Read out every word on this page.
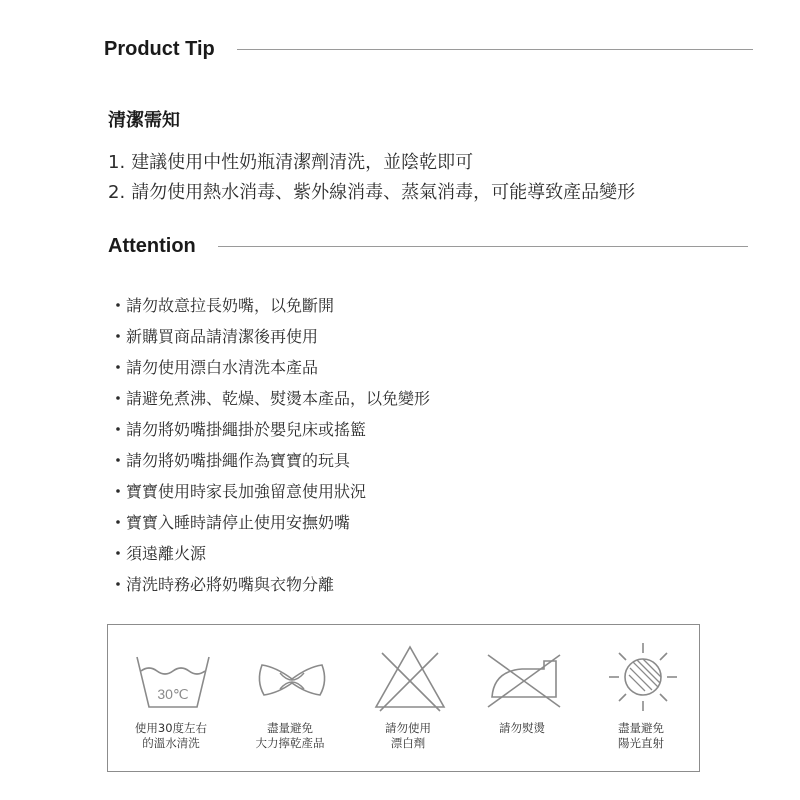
Product Tip
清潔需知
1. 建議使用中性奶瓶清潔劑清洗，並陰乾即可
2. 請勿使用熱水消毒、紫外線消毒、蒸氣消毒，可能導致產品變形
Attention
・ 請勿故意拉長奶嘴，以免斷開
・ 新購買商品請清潔後再使用
・ 請勿使用漂白水清洗本產品
・ 請避免煮沸、乾燥、熨燙本產品，以免變形
・ 請勿將奶嘴掛繩掛於嬰兒床或搖籃
・ 請勿將奶嘴掛繩作為寶寶的玩具
・ 寶寶使用時家長加強留意使用狀況
・ 寶寶入睡時請停止使用安撫奶嘴
・ 須遠離火源
・ 清洗時務必將奶嘴與衣物分離
30℃
使用30度左右
的溫水清洗
盡量避免
大力擰乾產品
請勿使用
漂白劑
請勿熨燙	盡量避免
陽光直射
